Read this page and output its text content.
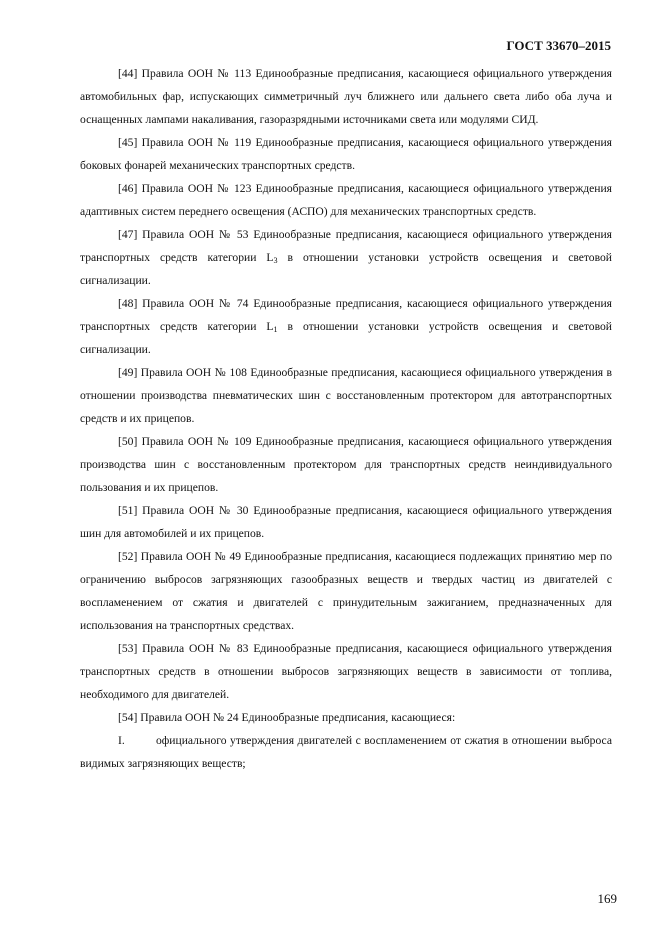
ГОСТ 33670–2015

[44] Правила ООН № 113 Единообразные предписания, касающиеся официального утверждения автомобильных фар, испускающих симметричный луч ближнего или дальнего света либо оба луча и оснащенных лампами накаливания, газоразрядными источниками света или модулями СИД.

[45] Правила ООН № 119 Единообразные предписания, касающиеся официального утверждения боковых фонарей механических транспортных средств.

[46] Правила ООН № 123 Единообразные предписания, касающиеся официального утверждения адаптивных систем переднего освещения (АСПО) для механических транспортных средств.

[47] Правила ООН № 53 Единообразные предписания, касающиеся официального утверждения транспортных средств категории $L_3$ в отношении установки устройств освещения и световой сигнализации.

[48] Правила ООН № 74 Единообразные предписания, касающиеся официального утверждения транспортных средств категории $L_1$ в отношении установки устройств освещения и световой сигнализации.

[49] Правила ООН № 108 Единообразные предписания, касающиеся официального утверждения в отношении производства пневматических шин с восстановленным протектором для автотранспортных средств и их прицепов.

[50] Правила ООН № 109 Единообразные предписания, касающиеся официального утверждения производства шин с восстановленным протектором для транспортных средств неиндивидуального пользования и их прицепов.

[51] Правила ООН № 30 Единообразные предписания, касающиеся официального утверждения шин для автомобилей и их прицепов.

[52] Правила ООН № 49 Единообразные предписания, касающиеся подлежащих принятию мер по ограничению выбросов загрязняющих газообразных веществ и твердых частиц из двигателей с воспламенением от сжатия и двигателей с принудительным зажиганием, предназначенных для использования на транспортных средствах.

[53] Правила ООН № 83 Единообразные предписания, касающиеся официального утверждения транспортных средств в отношении выбросов загрязняющих веществ в зависимости от топлива, необходимого для двигателей.

[54] Правила ООН № 24 Единообразные предписания, касающиеся:

I.	официального утверждения двигателей с воспламенением от сжатия в отношении выброса видимых загрязняющих веществ;

169
